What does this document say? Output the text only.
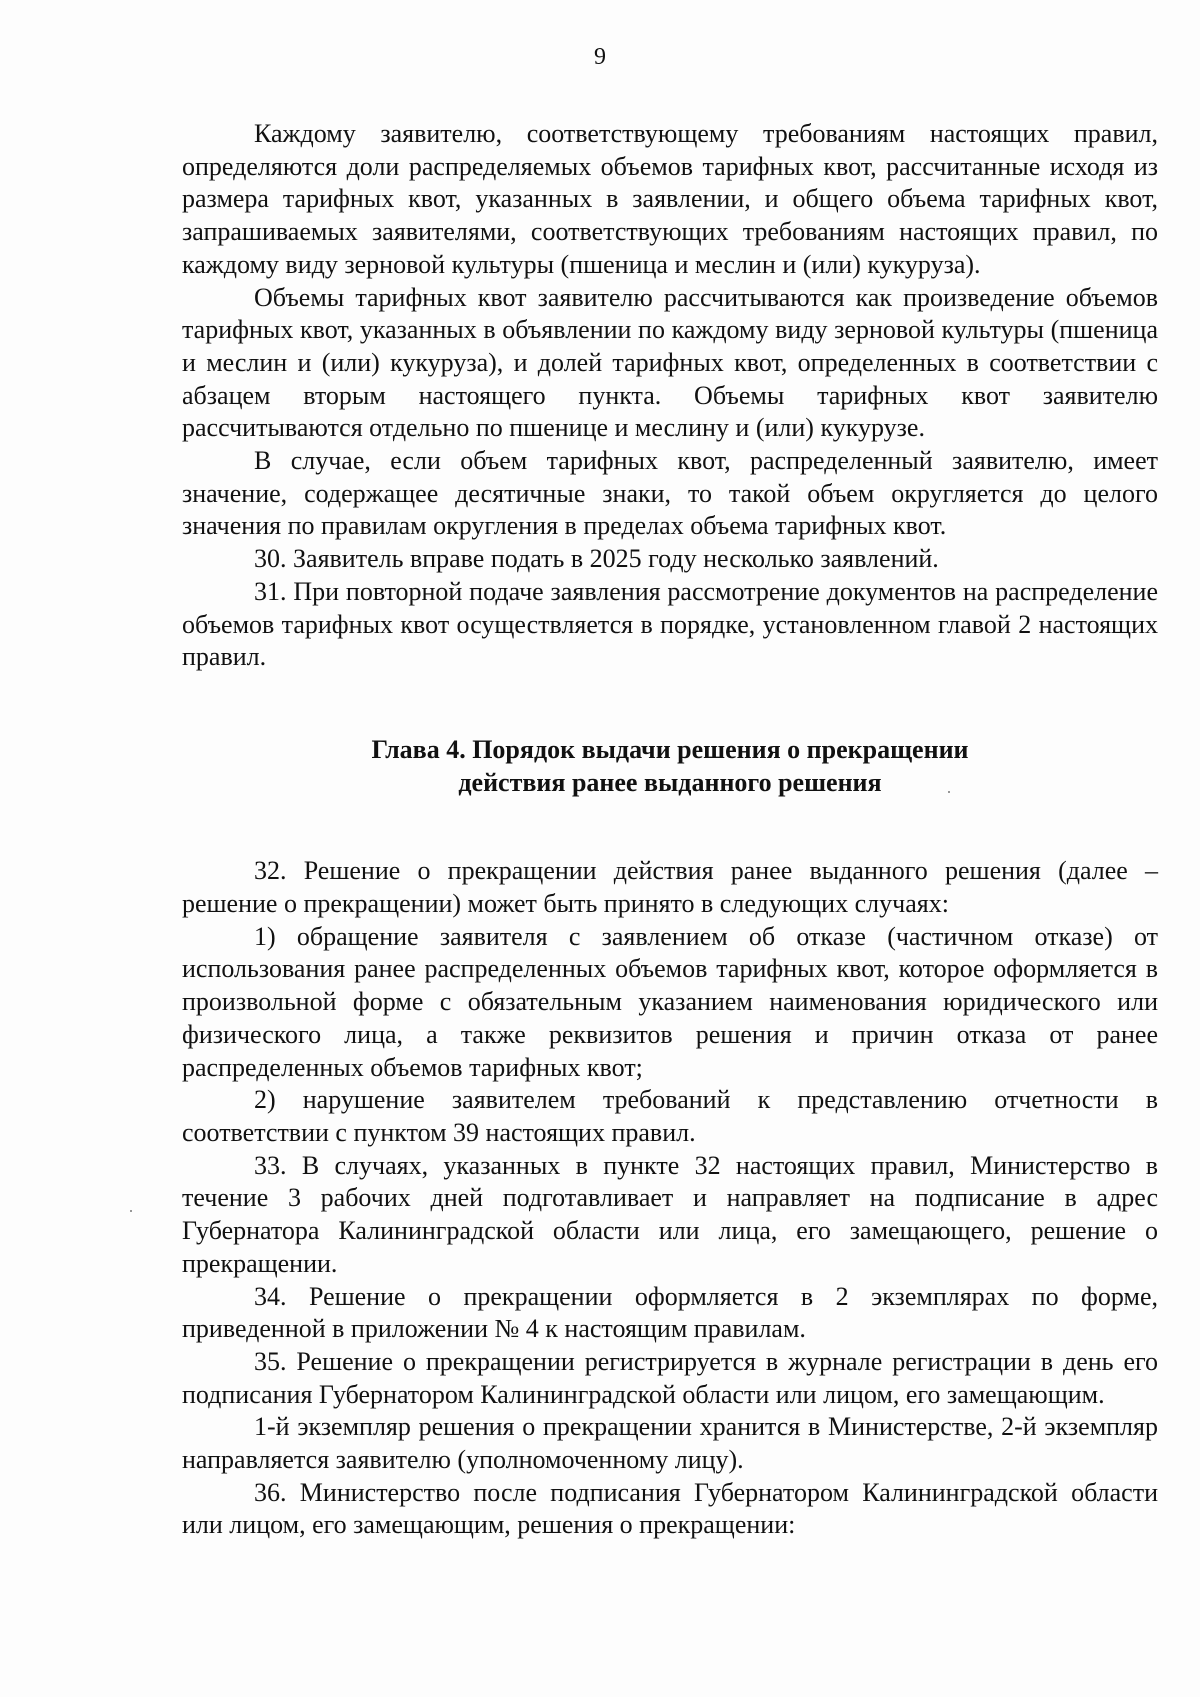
9

Каждому заявителю, соответствующему требованиям настоящих правил, определяются доли распределяемых объемов тарифных квот, рассчитанные исходя из размера тарифных квот, указанных в заявлении, и общего объема тарифных квот, запрашиваемых заявителями, соответствующих требованиям настоящих правил, по каждому виду зерновой культуры (пшеница и меслин и (или) кукуруза).

Объемы тарифных квот заявителю рассчитываются как произведение объемов тарифных квот, указанных в объявлении по каждому виду зерновой культуры (пшеница и меслин и (или) кукуруза), и долей тарифных квот, определенных в соответствии с абзацем вторым настоящего пункта. Объемы тарифных квот заявителю рассчитываются отдельно по пшенице и меслину и (или) кукурузе.

В случае, если объем тарифных квот, распределенный заявителю, имеет значение, содержащее десятичные знаки, то такой объем округляется до целого значения по правилам округления в пределах объема тарифных квот.

30. Заявитель вправе подать в 2025 году несколько заявлений.

31. При повторной подаче заявления рассмотрение документов на распределение объемов тарифных квот осуществляется в порядке, установленном главой 2 настоящих правил.

Глава 4. Порядок выдачи решения о прекращении
действия ранее выданного решения

32. Решение о прекращении действия ранее выданного решения (далее – решение о прекращении) может быть принято в следующих случаях:

1) обращение заявителя с заявлением об отказе (частичном отказе) от использования ранее распределенных объемов тарифных квот, которое оформляется в произвольной форме с обязательным указанием наименования юридического или физического лица, а также реквизитов решения и причин отказа от ранее распределенных объемов тарифных квот;

2) нарушение заявителем требований к представлению отчетности в соответствии с пунктом 39 настоящих правил.

33. В случаях, указанных в пункте 32 настоящих правил, Министерство в течение 3 рабочих дней подготавливает и направляет на подписание в адрес Губернатора Калининградской области или лица, его замещающего, решение о прекращении.

34. Решение о прекращении оформляется в 2 экземплярах по форме, приведенной в приложении № 4 к настоящим правилам.

35. Решение о прекращении регистрируется в журнале регистрации в день его подписания Губернатором Калининградской области или лицом, его замещающим.

1-й экземпляр решения о прекращении хранится в Министерстве, 2-й экземпляр направляется заявителю (уполномоченному лицу).

36. Министерство после подписания Губернатором Калининградской области или лицом, его замещающим, решения о прекращении:
